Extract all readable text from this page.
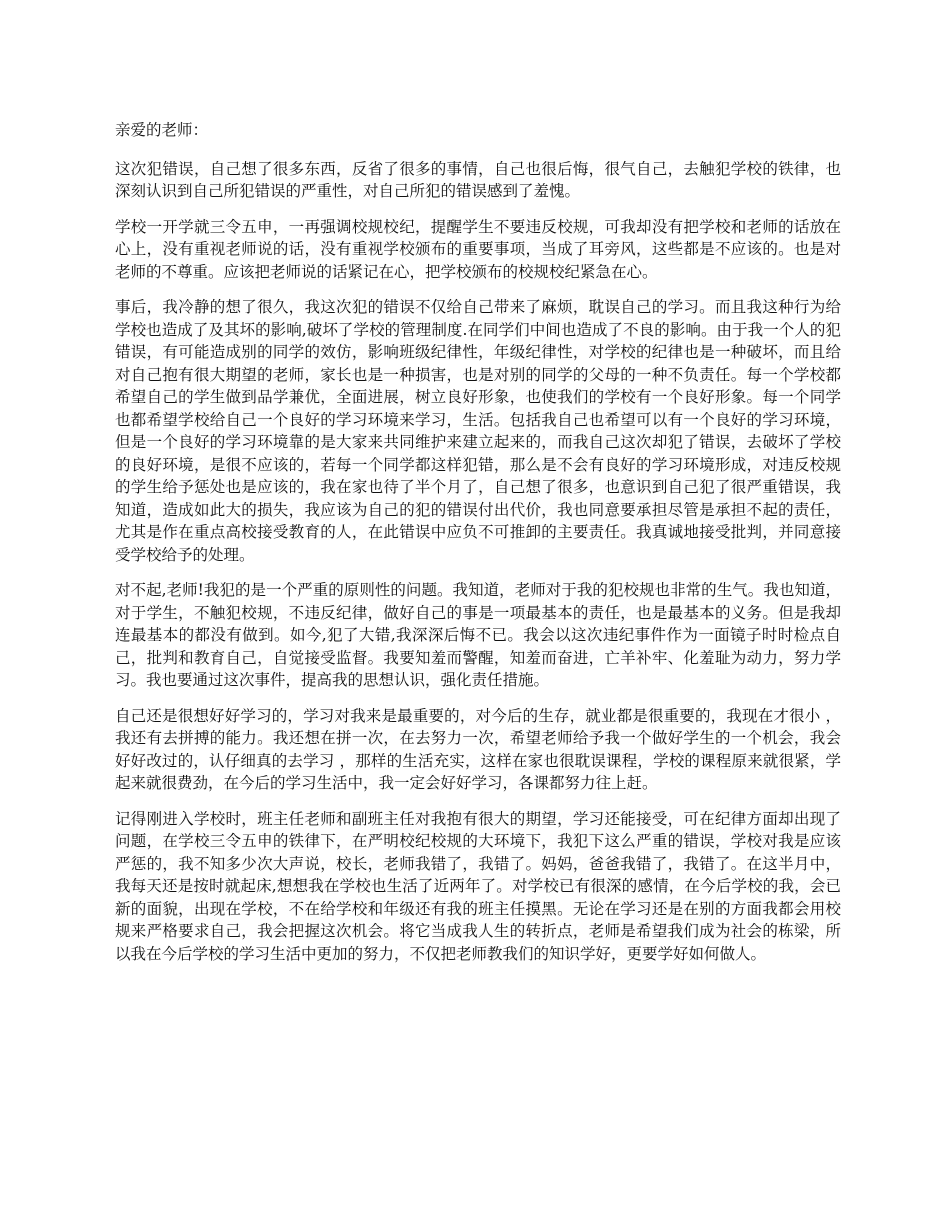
亲爱的老师：

这次犯错误，自己想了很多东西，反省了很多的事情，自己也很后悔，很气自己，去触犯学校的铁律，也深刻认识到自己所犯错误的严重性，对自己所犯的错误感到了羞愧。

学校一开学就三令五申，一再强调校规校纪，提醒学生不要违反校规，可我却没有把学校和老师的话放在心上，没有重视老师说的话，没有重视学校颁布的重要事项，当成了耳旁风，这些都是不应该的。也是对老师的不尊重。应该把老师说的话紧记在心，把学校颁布的校规校纪紧急在心。

事后，我冷静的想了很久，我这次犯的错误不仅给自己带来了麻烦，耽误自己的学习。而且我这种行为给学校也造成了及其坏的影响,破坏了学校的管理制度.在同学们中间也造成了不良的影响。由于我一个人的犯错误，有可能造成别的同学的效仿，影响班级纪律性，年级纪律性，对学校的纪律也是一种破坏，而且给对自己抱有很大期望的老师，家长也是一种损害，也是对别的同学的父母的一种不负责任。每一个学校都希望自己的学生做到品学兼优，全面进展，树立良好形象，也使我们的学校有一个良好形象。每一个同学也都希望学校给自己一个良好的学习环境来学习，生活。包括我自己也希望可以有一个良好的学习环境，但是一个良好的学习环境靠的是大家来共同维护来建立起来的，而我自己这次却犯了错误，去破坏了学校的良好环境，是很不应该的，若每一个同学都这样犯错，那么是不会有良好的学习环境形成，对违反校规的学生给予惩处也是应该的，我在家也待了半个月了，自己想了很多，也意识到自己犯了很严重错误，我知道，造成如此大的损失，我应该为自己的犯的错误付出代价，我也同意要承担尽管是承担不起的责任，尤其是作在重点高校接受教育的人，在此错误中应负不可推卸的主要责任。我真诚地接受批判，并同意接受学校给予的处理。

对不起,老师!我犯的是一个严重的原则性的问题。我知道，老师对于我的犯校规也非常的生气。我也知道，对于学生，不触犯校规，不违反纪律，做好自己的事是一项最基本的责任，也是最基本的义务。但是我却连最基本的都没有做到。如今,犯了大错,我深深后悔不已。我会以这次违纪事件作为一面镜子时时检点自己，批判和教育自己，自觉接受监督。我要知羞而警醒，知羞而奋进，亡羊补牢、化羞耻为动力，努力学习。我也要通过这次事件，提高我的思想认识，强化责任措施。

自己还是很想好好学习的，学习对我来是最重要的，对今后的生存，就业都是很重要的，我现在才很小 ，我还有去拼搏的能力。我还想在拼一次，在去努力一次，希望老师给予我一个做好学生的一个机会，我会好好改过的，认仔细真的去学习 ，那样的生活充实，这样在家也很耽误课程，学校的课程原来就很紧，学起来就很费劲，在今后的学习生活中，我一定会好好学习，各课都努力往上赶。

记得刚进入学校时，班主任老师和副班主任对我抱有很大的期望，学习还能接受，可在纪律方面却出现了问题，在学校三令五申的铁律下，在严明校纪校规的大环境下，我犯下这么严重的错误，学校对我是应该严惩的，我不知多少次大声说，校长，老师我错了，我错了。妈妈，爸爸我错了，我错了。在这半月中，我每天还是按时就起床,想想我在学校也生活了近两年了。对学校已有很深的感情，在今后学校的我，会已新的面貌，出现在学校，不在给学校和年级还有我的班主任摸黑。无论在学习还是在别的方面我都会用校规来严格要求自己，我会把握这次机会。将它当成我人生的转折点，老师是希望我们成为社会的栋梁，所以我在今后学校的学习生活中更加的努力，不仅把老师教我们的知识学好，更要学好如何做人。
